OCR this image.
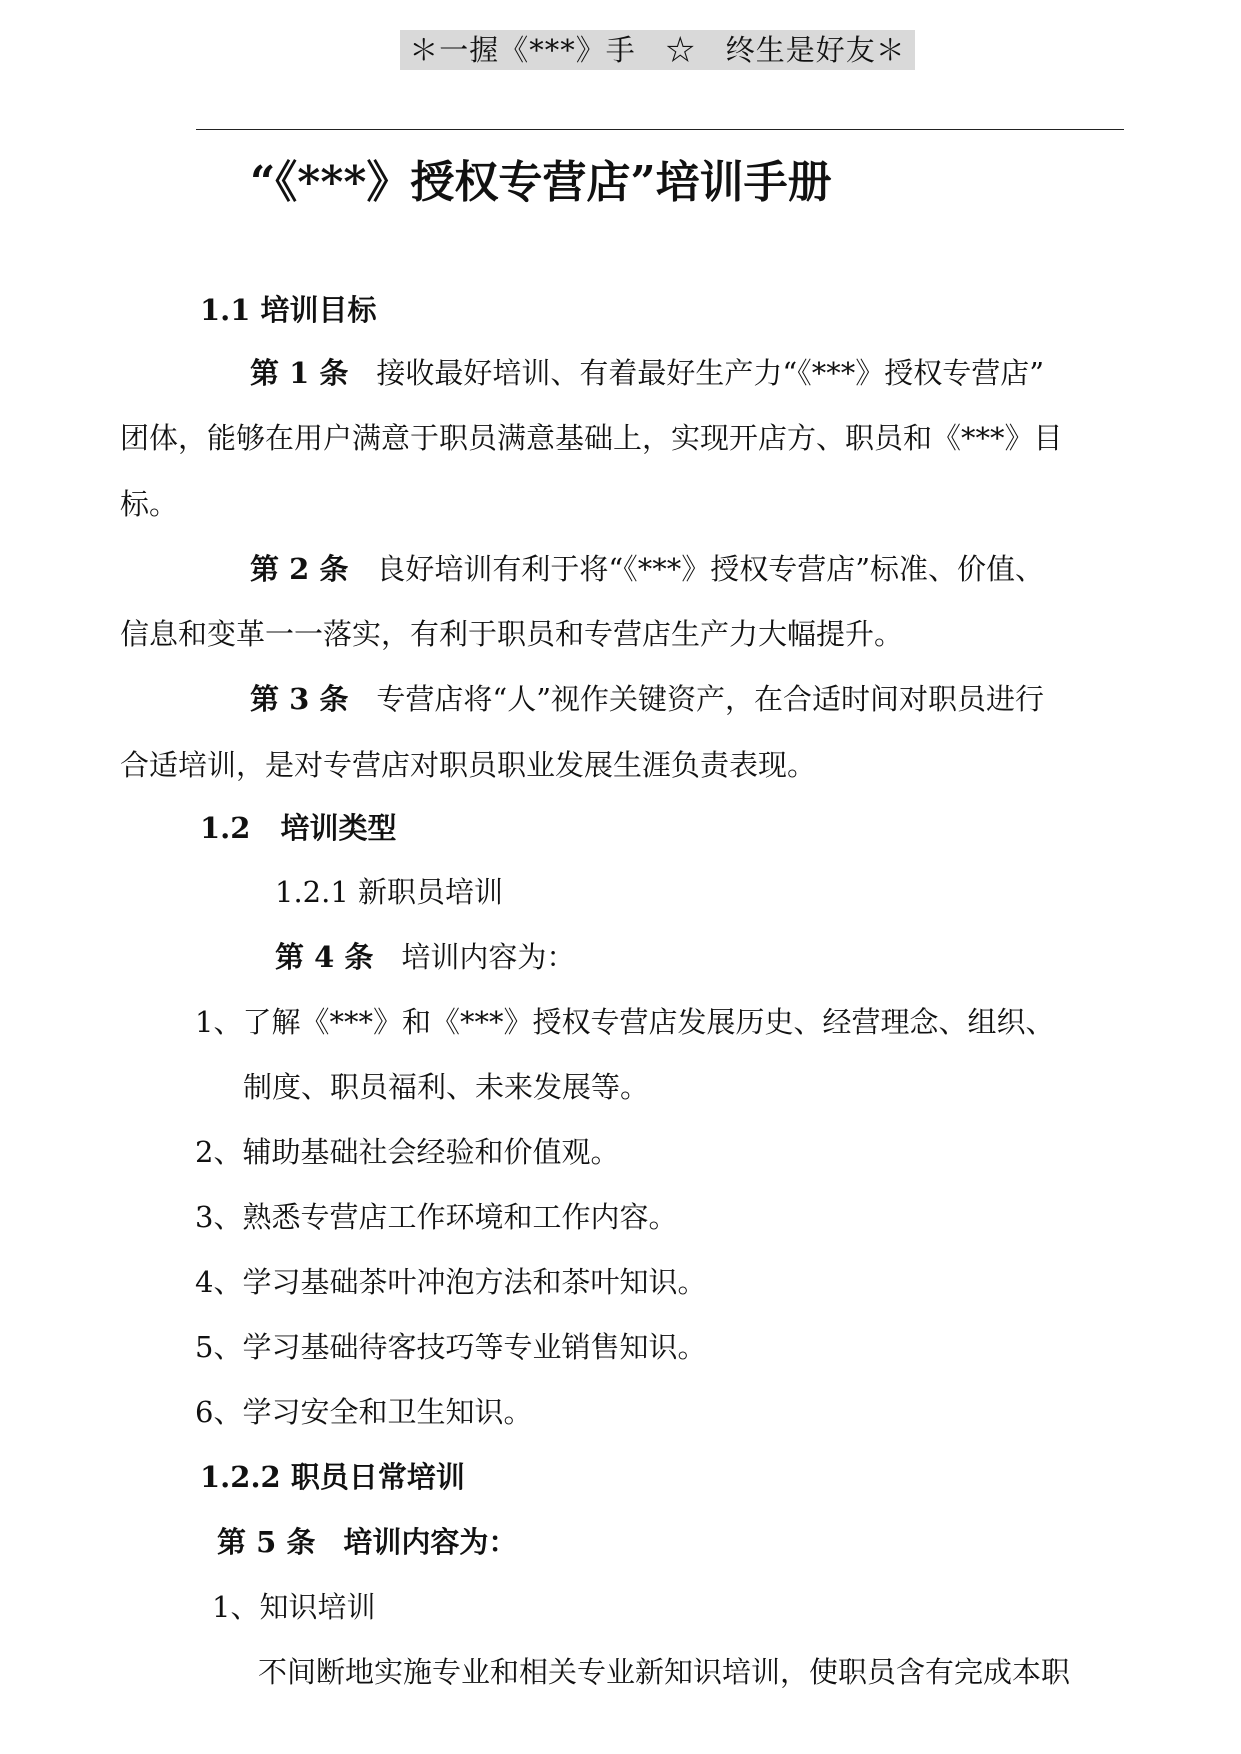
＊一握《***》手　☆　终生是好友＊
“《***》授权专营店”培训手册
1.1 培训目标
第 1 条 接收最好培训、有着最好生产力“《***》授权专营店”
团体，能够在用户满意于职员满意基础上，实现开店方、职员和《***》目
标。
第 2 条 良好培训有利于将“《***》授权专营店”标准、价值、
信息和变革一一落实，有利于职员和专营店生产力大幅提升。
第 3 条 专营店将“人”视作关键资产，在合适时间对职员进行
合适培训，是对专营店对职员职业发展生涯负责表现。
1.2 培训类型
1.2.1 新职员培训
第 4 条 培训内容为：
1、了解《***》和《***》授权专营店发展历史、经营理念、组织、
制度、职员福利、未来发展等。
2、辅助基础社会经验和价值观。
3、熟悉专营店工作环境和工作内容。
4、学习基础茶叶冲泡方法和茶叶知识。
5、学习基础待客技巧等专业销售知识。
6、学习安全和卫生知识。
1.2.2 职员日常培训
第 5 条 培训内容为：
1、知识培训
不间断地实施专业和相关专业新知识培训，使职员含有完成本职
